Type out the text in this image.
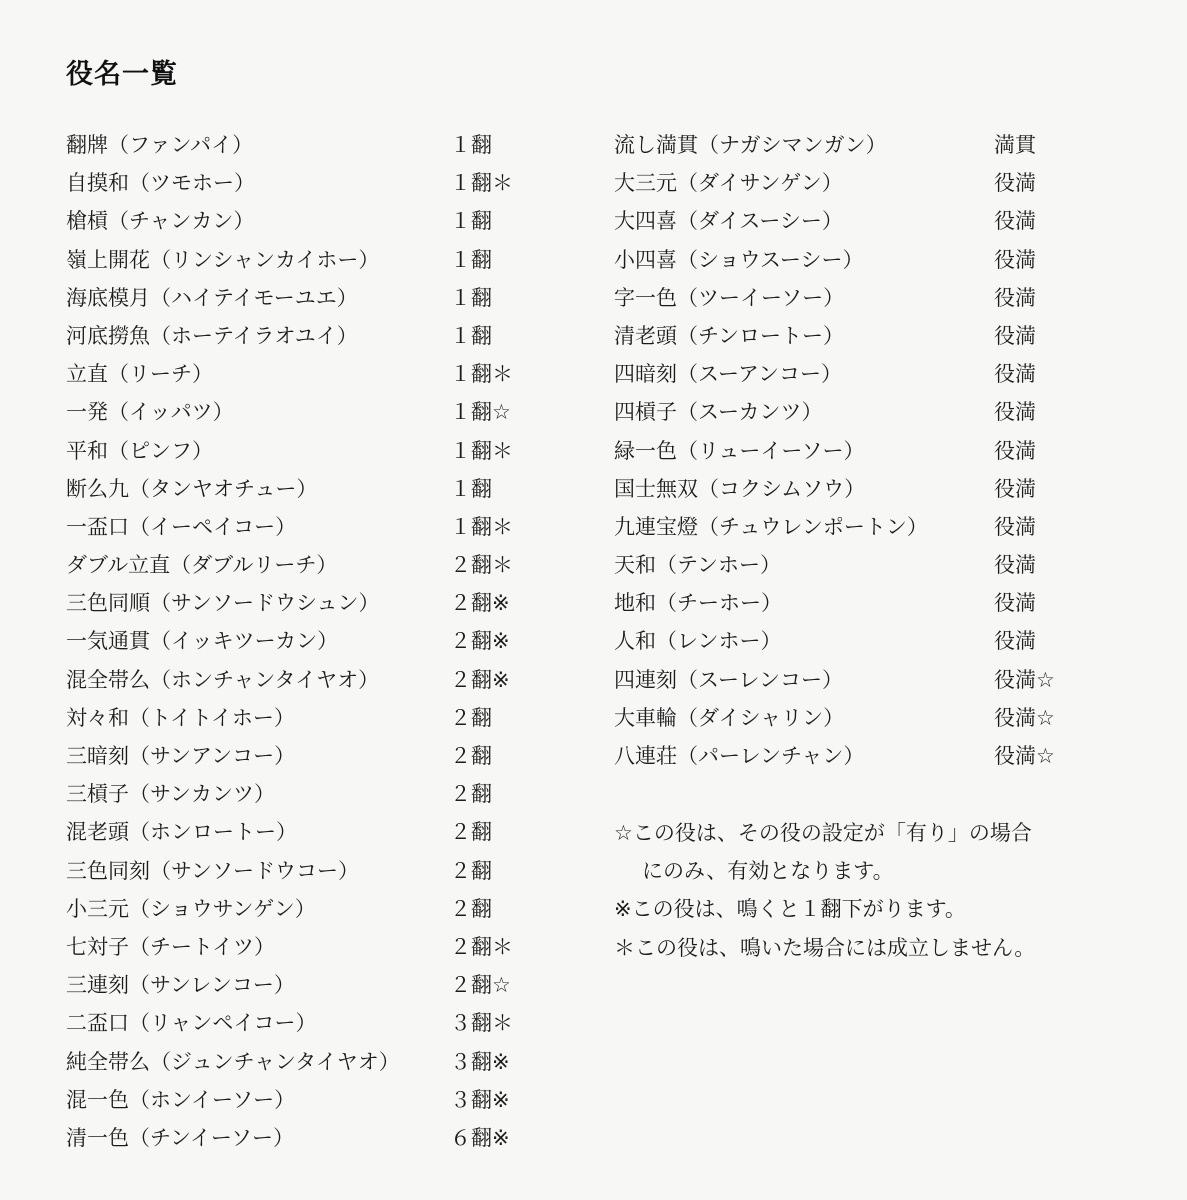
役名一覧
翻牌（ファンパイ）	１翻
自摸和（ツモホー）	１翻＊
槍槓（チャンカン）	１翻
嶺上開花（リンシャンカイホー）	１翻
海底模月（ハイテイモーユエ）	１翻
河底撈魚（ホーテイラオユイ）	１翻
立直（リーチ）	１翻＊
一発（イッパツ）	１翻☆
平和（ピンフ）	１翻＊
断么九（タンヤオチュー）	１翻
一盃口（イーペイコー）	１翻＊
ダブル立直（ダブルリーチ）	２翻＊
三色同順（サンソードウシュン）	２翻※
一気通貫（イッキツーカン）	２翻※
混全帯么（ホンチャンタイヤオ）	２翻※
対々和（トイトイホー）	２翻
三暗刻（サンアンコー）	２翻
三槓子（サンカンツ）	２翻
混老頭（ホンロートー）	２翻
三色同刻（サンソードウコー）	２翻
小三元（ショウサンゲン）	２翻
七対子（チートイツ）	２翻＊
三連刻（サンレンコー）	２翻☆
二盃口（リャンペイコー）	３翻＊
純全帯么（ジュンチャンタイヤオ） ３翻※
混一色（ホンイーソー）	３翻※
清一色（チンイーソー）	６翻※
流し満貫（ナガシマンガン）	満貫
大三元（ダイサンゲン）	役満
大四喜（ダイスーシー）	役満
小四喜（ショウスーシー）	役満
字一色（ツーイーソー）	役満
清老頭（チンロートー）	役満
四暗刻（スーアンコー）	役満
四槓子（スーカンツ）	役満
緑一色（リューイーソー）	役満
国士無双（コクシムソウ）	役満
九連宝燈（チュウレンポートン）	役満
天和（テンホー）	役満
地和（チーホー）	役満
人和（レンホー）	役満
四連刻（スーレンコー）	役満☆
大車輪（ダイシャリン）	役満☆
八連荘（パーレンチャン）	役満☆
☆この役は、その役の設定が「有り」の場合
にのみ、有効となります。
※この役は、鳴くと１翻下がります。
＊この役は、鳴いた場合には成立しません。
